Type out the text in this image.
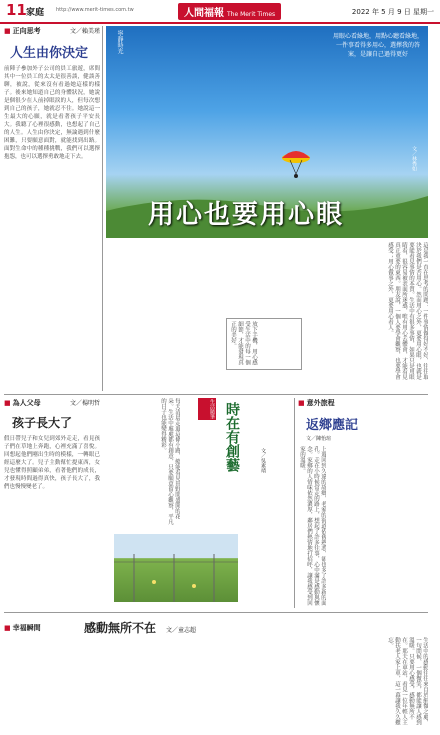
11 家庭 http://www.merit-times.com.tw	人間福報 The Merit Times	2022 年 5 月 9 日 星期一
■ 正向思考	文／賴美瑾
人生由你決定
前陣子參加外子公司的員工旅遊，席間其中一位員工的太太是很善談，健談善聊，被說，從來沒有看過她這樣的樣子。後來她知道自己的身體狀況，她說是個很少在人前掉眼淚的人，但每次想到自己的孩子，她就忍不住。她說這一生最大的心願，就是看著孩子平安長大。我聽了心裡很感動，也想起了自己的人生。人生由你決定，無論遇到什麼困難，只要願意面對，就能找到出路。面對生命中的種種挑戰，我們可以選擇抱怨，也可以選擇勇敢地走下去。
寧靜時光	用眼心看綠地，用點心聽看綠地，一件事看得多用心，選擇我的答案，是讓自己過得更好
用心也要用心眼
文／林秀如
這是我一直在思考的問題：一件事情做得好不好，往往取決於我們是否用心。然而用心之外，更要用心眼，也就是要能看見事情的本質。生活中有很多事情，如果只是用眼睛看，很容易被表面所迷惑，唯有用心去體會，才能看見真正重要的東西。朋友說，一個人要學會觀察，也要學會感受；用心做事之外，更要用心看人。
放下手機，用心感受生活中的每一個細節，才能發現真正的美好。
■ 為人父母	文／楊明哲
孩子長大了
假日帶兒子和女兒到郊外走走，看見孩子們在草地上奔跑，心裡充滿了喜悅。回想起他們剛出生時的模樣，一轉眼已經這麼大了。兒子主動幫忙提東西，女兒也懂得照顧弟弟，看著他們的成長，才發現時間過得真快，孩子長大了，我們也慢慢變老了。	每天清晨走過這條小路，總能看見田野間盛開的花朵。生活中處處都有創意，只要願意留心觀察，平凡的日子也能變得精彩。	生活隨筆 時在有創藝	文／吳素靖
■ 意外旅程
返鄉應記
文／陳怡瑄
上週回到久違的故鄉，老家的街道依舊熟悉，卻也多了許多新的面孔。走在小時候常走的路上，想起了許多往事，心中滿是感動與懷念。家鄉的人情味依然濃厚，鄰居們熱情地打招呼，讓我感受到回家的溫暖。
■ 幸福瞬間	感動無所不在 文／童志超
生活中的感動往往來自於細微之處，一句問候、一個微笑，都能讓人感到溫暖。只要用心感受，感動無所不在。那天在車站，看見一位年輕人主動扶老人家上車，這一幕讓我久久難忘。
